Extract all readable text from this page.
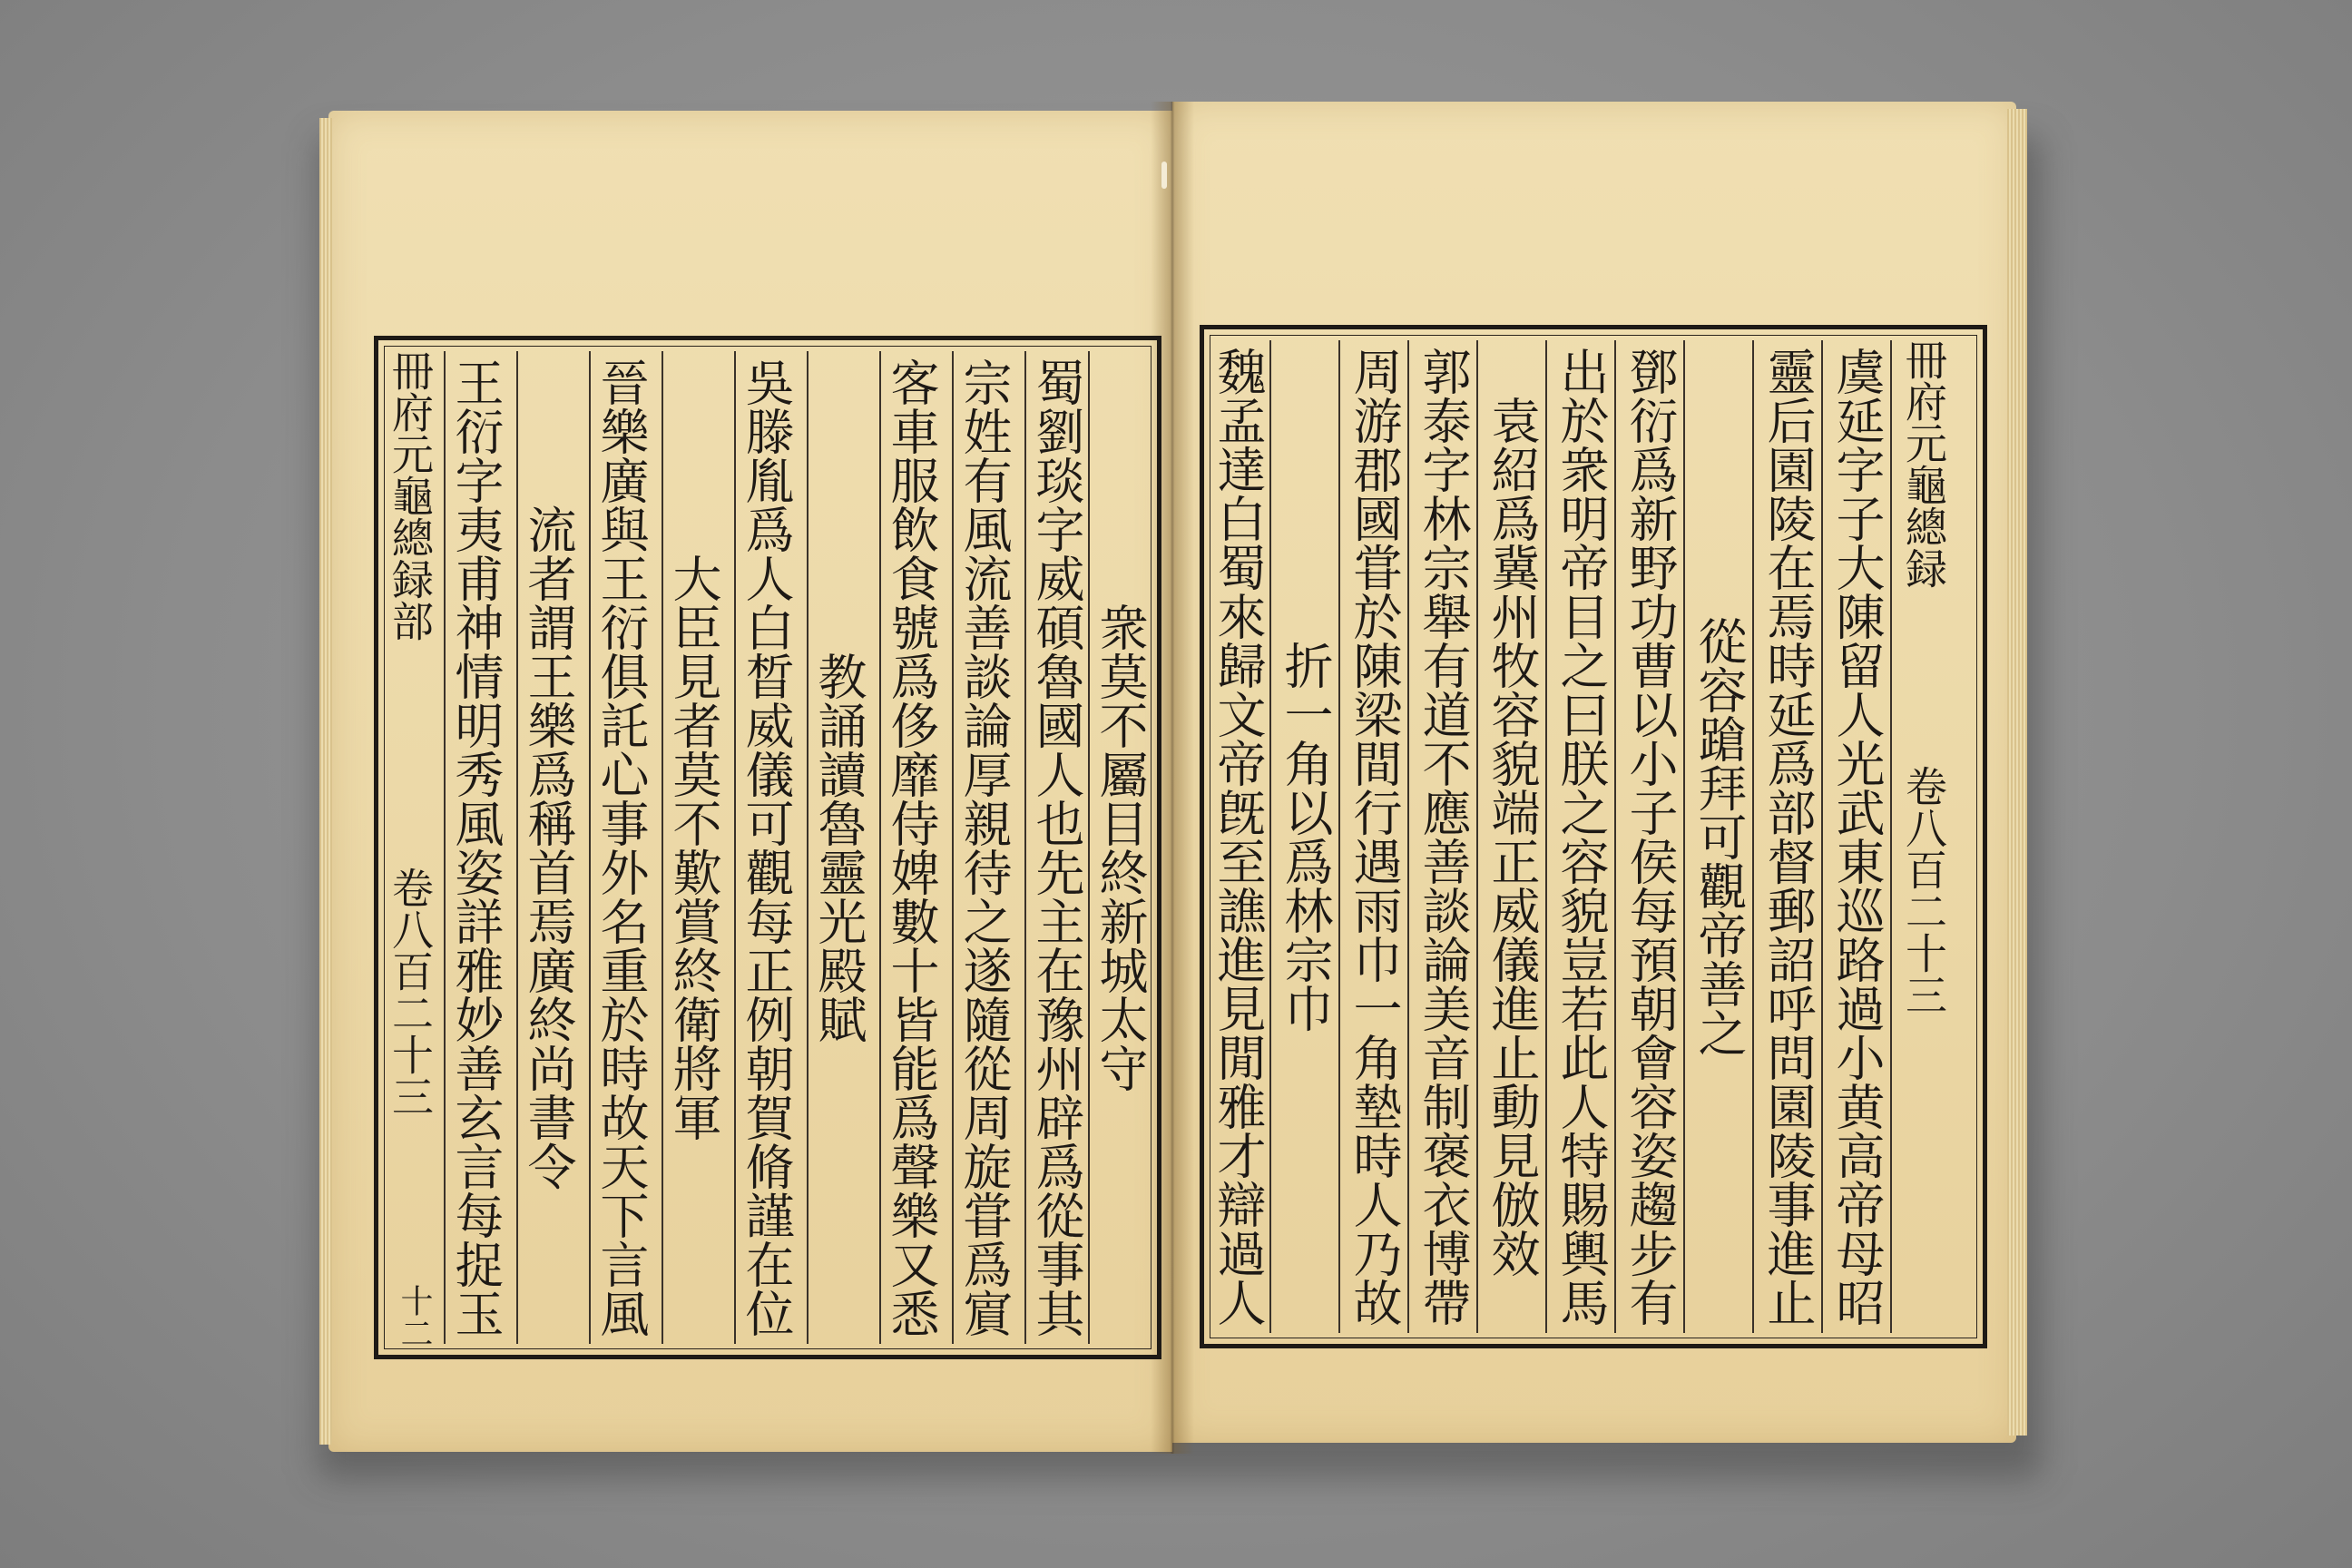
衆莫不屬目終新城太守
蜀劉琰字威碩魯國人也先主在豫州辟爲從事其
宗姓有風流善談論厚親待之遂隨從周旋甞爲賔
客車服飲食號爲侈靡侍婢數十皆能爲聲樂又悉
教誦讀魯靈光殿賦
吳滕胤爲人白晳威儀可觀每正例朝賀脩謹在位
大臣見者莫不歎賞終衛將軍
晉樂廣與王衍俱託心事外名重於時故天下言風
流者謂王樂爲稱首焉廣終尚書令
王衍字夷甫神情明秀風姿詳雅妙善玄言每捉玉
冊府元龜總録部
卷八百二十三
十二
　　　	虞延字子大陳留人光武東巡路過小黄高帝母昭
靈后園陵在焉時延爲部督郵詔呼問園陵事進止
從容蹌拜可觀帝善之
鄧衍爲新野功曹以小子侯每預朝會容姿趨步有
出於衆明帝目之曰朕之容貌豈若此人特賜輿馬
袁紹爲冀州牧容貌端正威儀進止動見倣效
郭泰字林宗舉有道不應善談論美音制褒衣博帶
周游郡國甞於陳梁間行遇雨巾一角墊時人乃故
折一角以爲林宗巾
魏孟達白蜀來歸文帝旣至譙進見閒雅才辯過人	冊府元龜總録
卷八百二十三
